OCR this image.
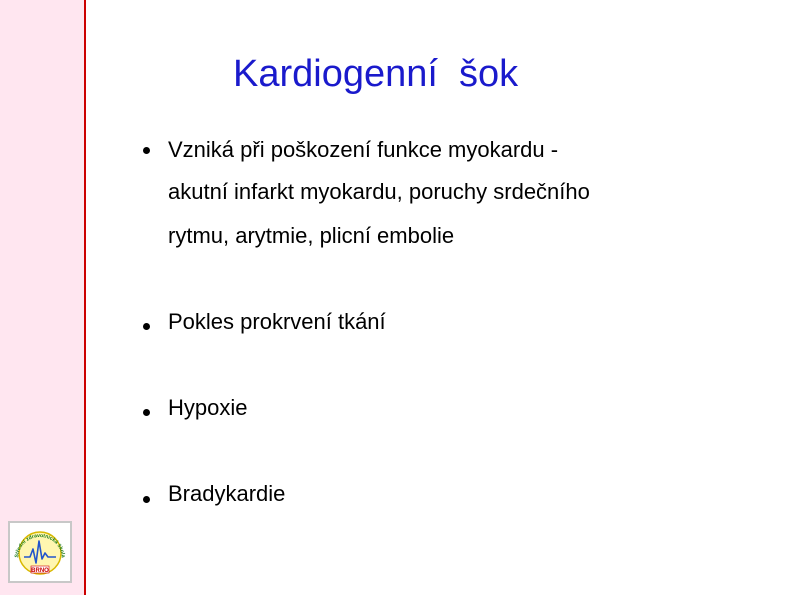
Kardiogenní  šok
Vzniká při poškození funkce myokardu -
akutní infarkt myokardu, poruchy srdečního
rytmu, arytmie, plicní embolie
Pokles prokrvení tkání
Hypoxie
Bradykardie
Střední zdravotnická škola
BRNO
